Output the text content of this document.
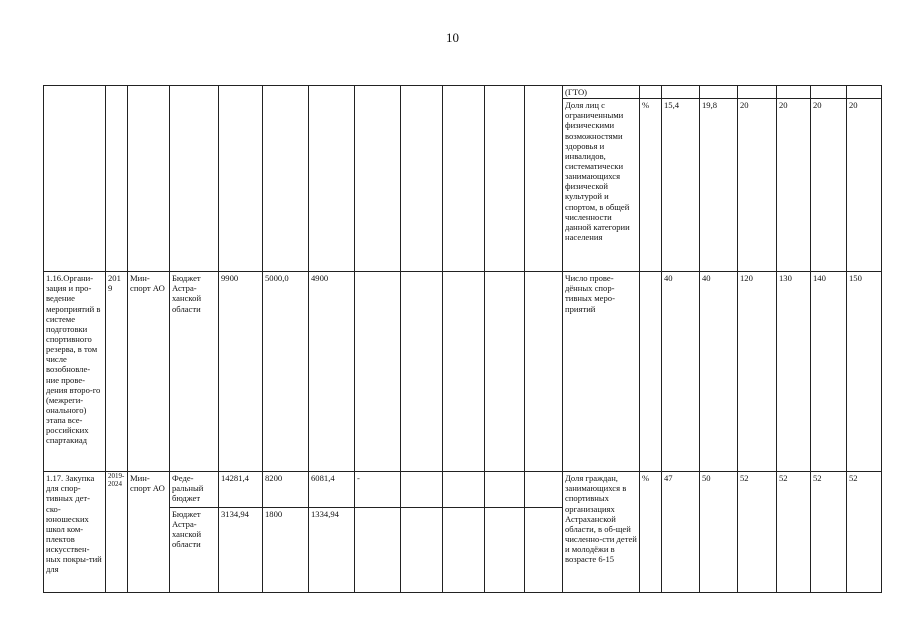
10
												(ГТО)							
												Доля лиц с ограниченными физическими возможностями здоровья и инвалидов, систематически занимающихся физической культурой и спортом, в общей численности данной категории населения	%	15,4	19,8	20	20	20	20
1.16.Органи-зация и про-ведение мероприятий в системе подготовки спортивного резерва, в том числе возобновле-ние прове-дения второ-го (межреги-онального) этапа все-российских спартакиад	2019	Мин-спорт АО	Бюджет Астра-ханской области	9900	5000,0	4900						Число прове-дённых спор-тивных меро-приятий		40	40	120	130	140	150

1.17. Закупка для спор-тивных дет-ско-юношеских школ ком-плектов искусствен-ных покры-тий для	2019-2024	Мин-спорт АО	Феде-ральный бюджет	14281,4	8200	6081,4	-					Доля граждан, занимающихся в спортивных организациях Астраханской области, в об-щей численно-сти детей и молодёжи в возрасте 6-15	%	47	50	52	52	52	52
			Бюджет Астра-ханской области	3134,94	1800	1334,94													
